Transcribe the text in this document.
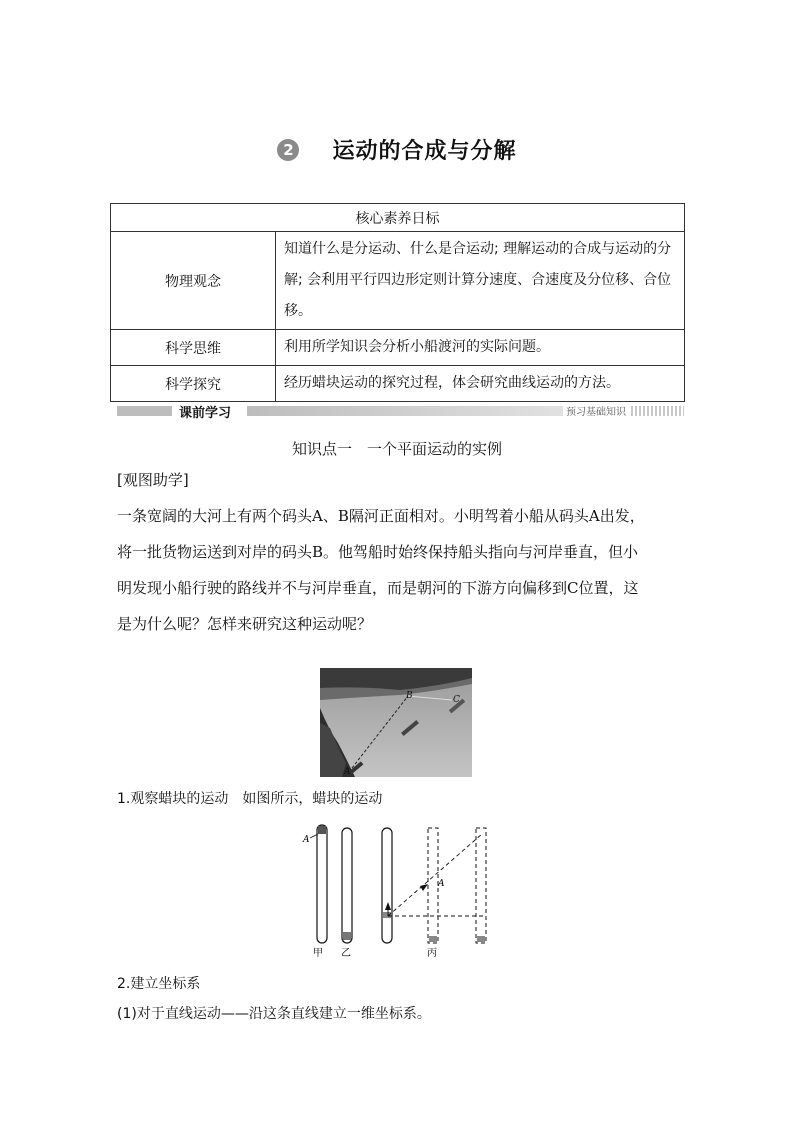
2 运动的合成与分解
核心素养日标	
物理观念	知道什么是分运动、什么是合运动; 理解运动的合成与运动的分解; 会利用平行四边形定则计算分速度、合速度及分位移、合位移。
科学思维	利用所学知识会分析小船渡河的实际问题。
科学探究	经历蜡块运动的探究过程，体会研究曲线运动的方法。
课前学习	预习基础知识
知识点一　一个平面运动的实例
[观图助学]
一条宽阔的大河上有两个码头A、B隔河正面相对。小明驾着小船从码头A出发，
将一批货物运送到对岸的码头B。他驾船时始终保持船头指向与河岸垂直，但小
明发现小船行驶的路线并不与河岸垂直，而是朝河的下游方向偏移到C位置，这
是为什么呢？怎样来研究这种运动呢？
B	C
A
1.观察蜡块的运动　如图所示，蜡块的运动
A
A
甲 乙	丙
2.建立坐标系
(1)对于直线运动——沿这条直线建立一维坐标系。
